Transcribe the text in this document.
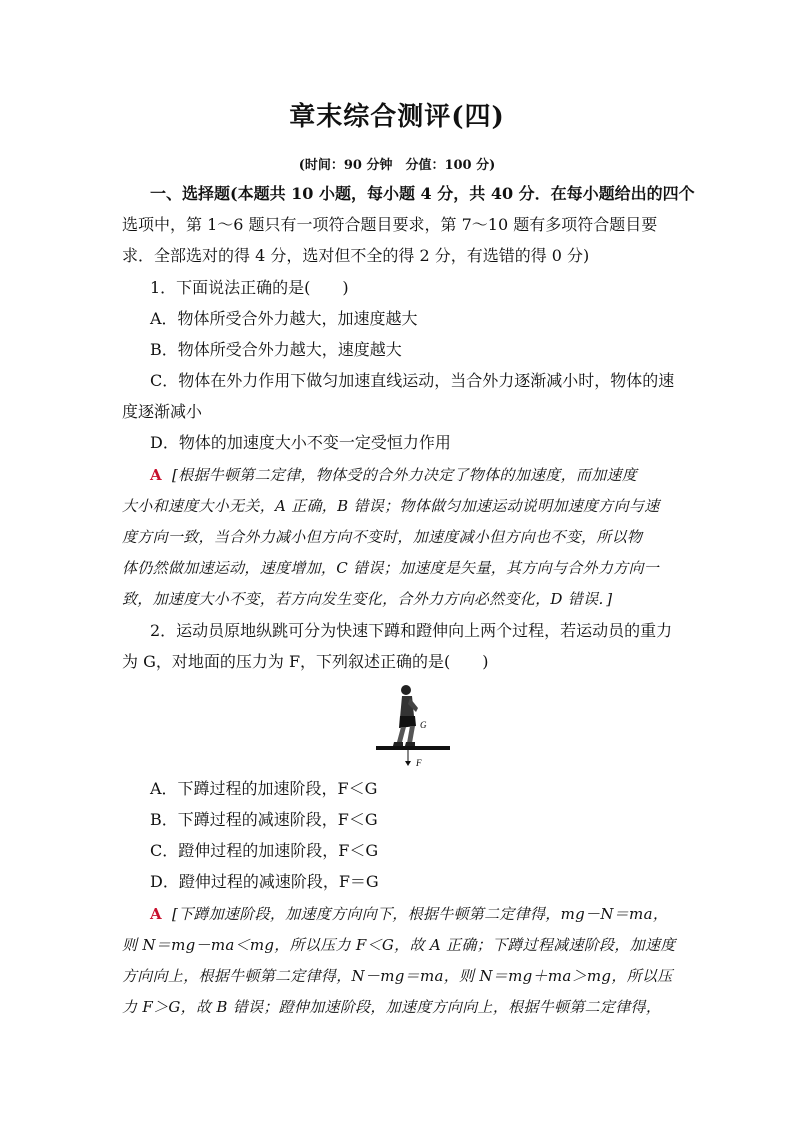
章末综合测评(四)
(时间：90 分钟　分值：100 分)
一、选择题(本题共 10 小题，每小题 4 分，共 40 分．在每小题给出的四个
选项中，第 1～6 题只有一项符合题目要求，第 7～10 题有多项符合题目要
求．全部选对的得 4 分，选对但不全的得 2 分，有选错的得 0 分)
1．下面说法正确的是(　　)
A．物体所受合外力越大，加速度越大
B．物体所受合外力越大，速度越大
C．物体在外力作用下做匀加速直线运动，当合外力逐渐减小时，物体的速
度逐渐减小
D．物体的加速度大小不变一定受恒力作用
A [根据牛顿第二定律，物体受的合外力决定了物体的加速度，而加速度
大小和速度大小无关，A 正确，B 错误；物体做匀加速运动说明加速度方向与速
度方向一致，当合外力减小但方向不变时，加速度减小但方向也不变，所以物
体仍然做加速运动，速度增加，C 错误；加速度是矢量，其方向与合外力方向一
致，加速度大小不变，若方向发生变化，合外力方向必然变化，D 错误．]
2．运动员原地纵跳可分为快速下蹲和蹬伸向上两个过程，若运动员的重力
为 G，对地面的压力为 F，下列叙述正确的是(　　)
G
F
A．下蹲过程的加速阶段，F＜G
B．下蹲过程的减速阶段，F＜G
C．蹬伸过程的加速阶段，F＜G
D．蹬伸过程的减速阶段，F＝G
A [下蹲加速阶段，加速度方向向下，根据牛顿第二定律得，mg－N＝ma，
则 N＝mg－ma＜mg，所以压力 F＜G，故 A 正确；下蹲过程减速阶段，加速度
方向向上，根据牛顿第二定律得，N－mg＝ma，则 N＝mg＋ma＞mg，所以压
力 F＞G，故 B 错误；蹬伸加速阶段，加速度方向向上，根据牛顿第二定律得，
